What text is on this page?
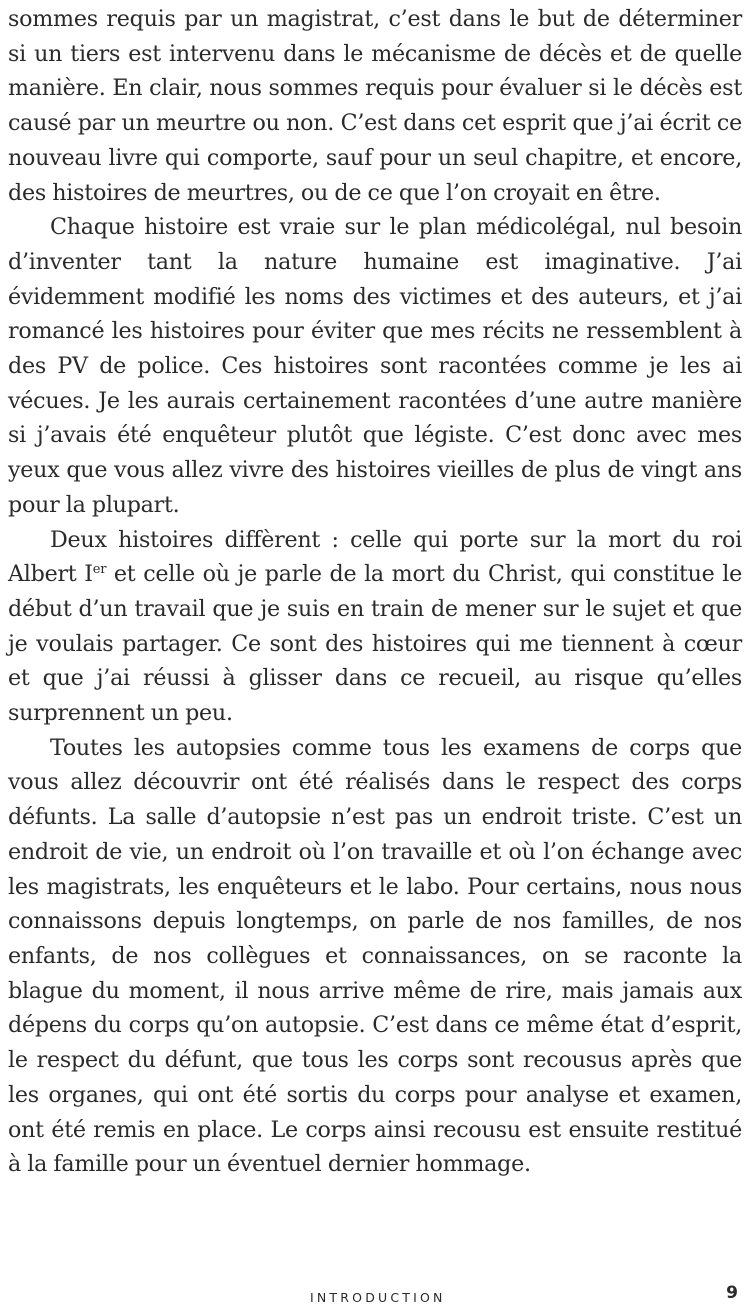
sommes requis par un magistrat, c’est dans le but de déterminer si un tiers est intervenu dans le mécanisme de décès et de quelle manière. En clair, nous sommes requis pour évaluer si le décès est causé par un meurtre ou non. C’est dans cet esprit que j’ai écrit ce nouveau livre qui comporte, sauf pour un seul chapitre, et encore, des histoires de meurtres, ou de ce que l’on croyait en être.

Chaque histoire est vraie sur le plan médicolégal, nul besoin d’inventer tant la nature humaine est imaginative. J’ai évidemment modifié les noms des victimes et des auteurs, et j’ai romancé les histoires pour éviter que mes récits ne ressemblent à des PV de police. Ces histoires sont racontées comme je les ai vécues. Je les aurais certainement racontées d’une autre manière si j’avais été enquêteur plutôt que légiste. C’est donc avec mes yeux que vous allez vivre des histoires vieilles de plus de vingt ans pour la plupart.

Deux histoires diffèrent : celle qui porte sur la mort du roi Albert Ier et celle où je parle de la mort du Christ, qui constitue le début d’un travail que je suis en train de mener sur le sujet et que je voulais partager. Ce sont des histoires qui me tiennent à cœur et que j’ai réussi à glisser dans ce recueil, au risque qu’elles surprennent un peu.

Toutes les autopsies comme tous les examens de corps que vous allez découvrir ont été réalisés dans le respect des corps défunts. La salle d’autopsie n’est pas un endroit triste. C’est un endroit de vie, un endroit où l’on travaille et où l’on échange avec les magistrats, les enquêteurs et le labo. Pour certains, nous nous connaissons depuis longtemps, on parle de nos familles, de nos enfants, de nos collègues et connaissances, on se raconte la blague du moment, il nous arrive même de rire, mais jamais aux dépens du corps qu’on autopsie. C’est dans ce même état d’esprit, le respect du défunt, que tous les corps sont recousus après que les organes, qui ont été sortis du corps pour analyse et examen, ont été remis en place. Le corps ainsi recousu est ensuite restitué à la famille pour un éventuel dernier hommage.

INTRODUCTION	9
